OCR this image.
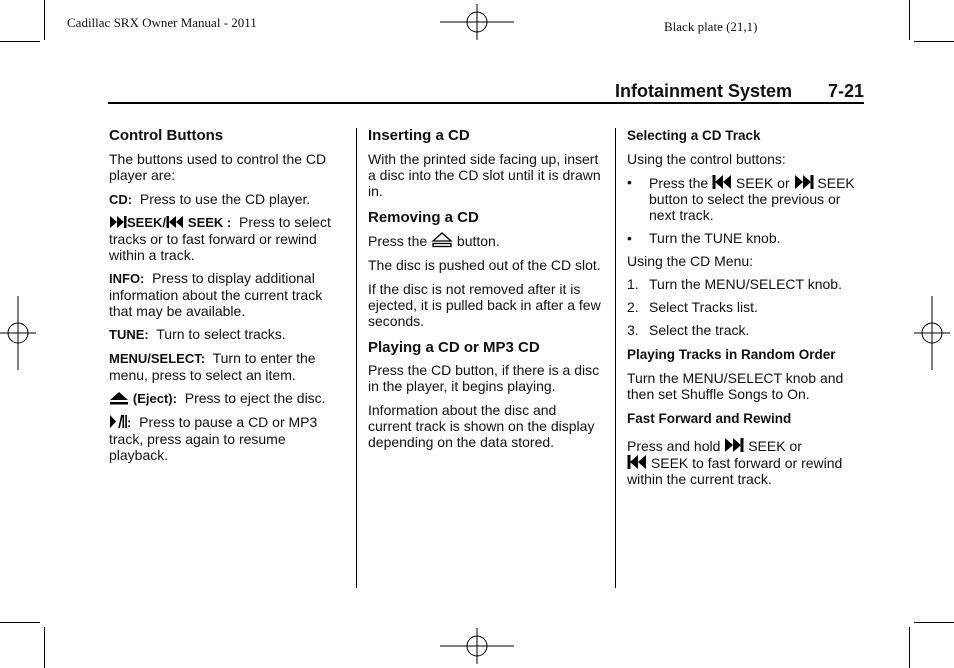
Cadillac SRX Owner Manual - 2011	Black plate (21,1)
Infotainment System 7-21

Control Buttons

The buttons used to control the CD player are:

CD: Press to use the CD player.

SEEK/ SEEK : Press to select tracks or to fast forward or rewind within a track.

INFO: Press to display additional information about the current track that may be available.

TUNE: Turn to select tracks.

MENU/SELECT: Turn to enter the menu, press to select an item.

(Eject): Press to eject the disc.

: Press to pause a CD or MP3 track, press again to resume playback.

Inserting a CD

With the printed side facing up, insert a disc into the CD slot until it is drawn in.

Removing a CD

Press the button.

The disc is pushed out of the CD slot.

If the disc is not removed after it is ejected, it is pulled back in after a few seconds.

Playing a CD or MP3 CD

Press the CD button, if there is a disc in the player, it begins playing.

Information about the disc and current track is shown on the display depending on the data stored.

Selecting a CD Track

Using the control buttons:

• Press the SEEK or SEEK button to select the previous or next track.

• Turn the TUNE knob.

Using the CD Menu:

1. Turn the MENU/SELECT knob.

2. Select Tracks list.

3. Select the track.

Playing Tracks in Random Order

Turn the MENU/SELECT knob and then set Shuffle Songs to On.

Fast Forward and Rewind

Press and hold SEEK or
SEEK to fast forward or rewind within the current track.
